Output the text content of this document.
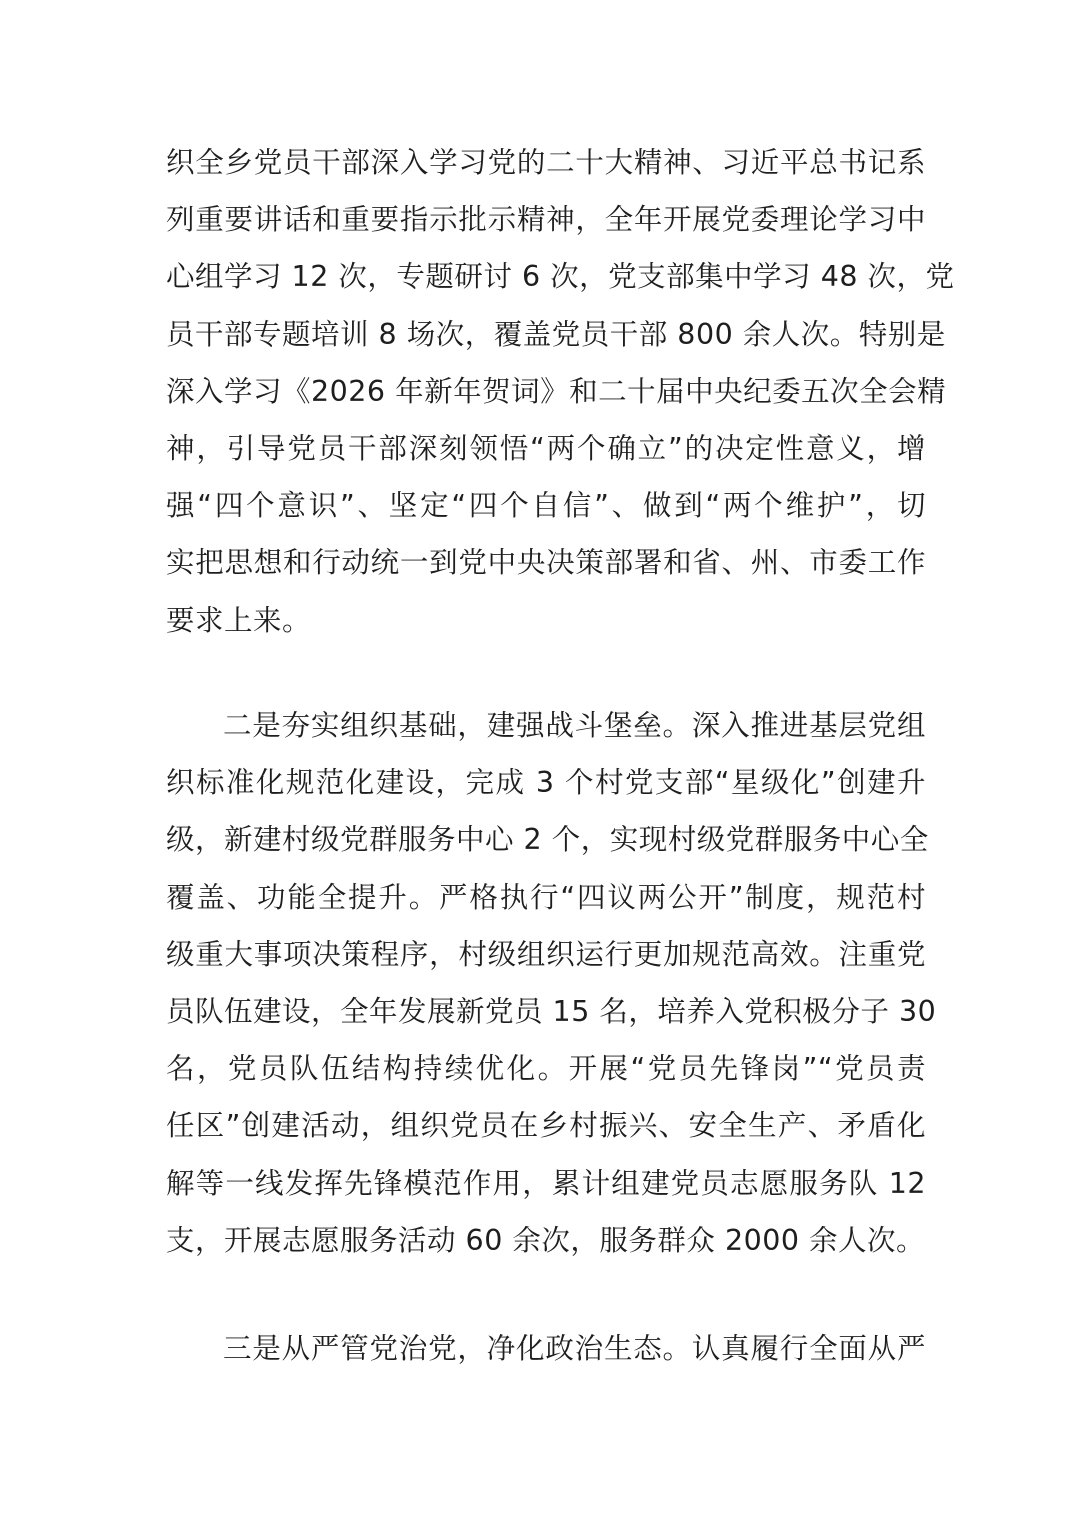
织全乡党员干部深入学习党的二十大精神、习近平总书记系
列重要讲话和重要指示批示精神，全年开展党委理论学习中
心组学习 12 次，专题研讨 6 次，党支部集中学习 48 次，党
员干部专题培训 8 场次，覆盖党员干部 800 余人次。特别是
深入学习《2026 年新年贺词》和二十届中央纪委五次全会精
神，引导党员干部深刻领悟“两个确立”的决定性意义，增
强“四个意识”、坚定“四个自信”、做到“两个维护”，切
实把思想和行动统一到党中央决策部署和省、州、市委工作
要求上来。
二是夯实组织基础，建强战斗堡垒。深入推进基层党组
织标准化规范化建设，完成 3 个村党支部“星级化”创建升
级，新建村级党群服务中心 2 个，实现村级党群服务中心全
覆盖、功能全提升。严格执行“四议两公开”制度，规范村
级重大事项决策程序，村级组织运行更加规范高效。注重党
员队伍建设，全年发展新党员 15 名，培养入党积极分子 30
名，党员队伍结构持续优化。开展“党员先锋岗”“党员责
任区”创建活动，组织党员在乡村振兴、安全生产、矛盾化
解等一线发挥先锋模范作用，累计组建党员志愿服务队 12
支，开展志愿服务活动 60 余次，服务群众 2000 余人次。
三是从严管党治党，净化政治生态。认真履行全面从严
